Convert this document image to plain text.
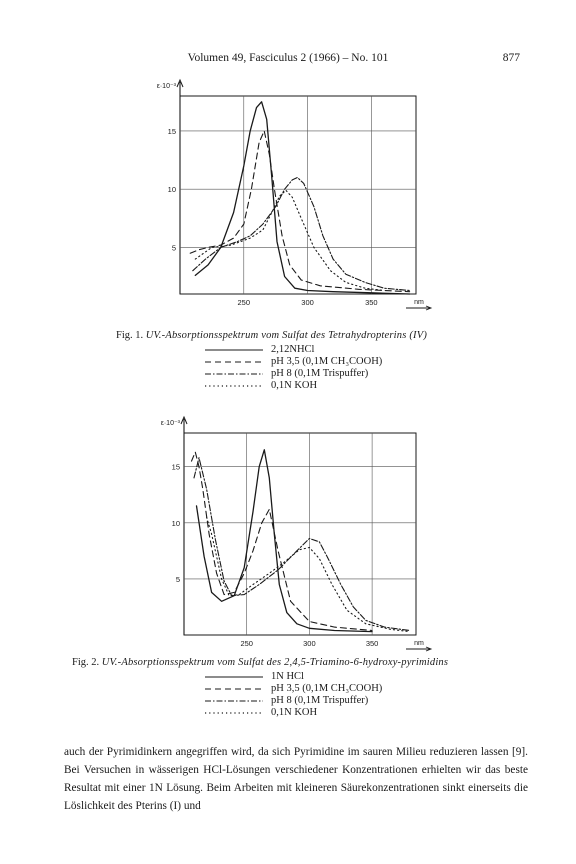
Volumen 49, Fasciculus 2 (1966) – No. 101	877
250	300	350
5
10
15
ε·10⁻³
nm
Fig. 1. UV.-Absorptionsspektrum vom Sulfat des Tetrahydropterins (IV)
2,12NHCl
pH 3,5 (0,1M CH₃COOH)
pH 8 (0,1M Trispuffer)
0,1N KOH
250	300	350
5
10
15
ε·10⁻³
nm
Fig. 2. UV.-Absorptionsspektrum vom Sulfat des 2,4,5-Triamino-6-hydroxy-pyrimidins
1N HCl
pH 3,5 (0,1M CH₃COOH)
pH 8 (0,1M Trispuffer)
0,1N KOH

auch der Pyrimidinkern angegriffen wird, da sich Pyrimidine im sauren Milieu reduzieren lassen [9]. Bei Versuchen in wässerigen HCl-Lösungen verschiedener Konzentrationen erhielten wir das beste Resultat mit einer 1N Lösung. Beim Arbeiten mit kleineren Säurekonzentrationen sinkt einerseits die Löslichkeit des Pterins (I) und
